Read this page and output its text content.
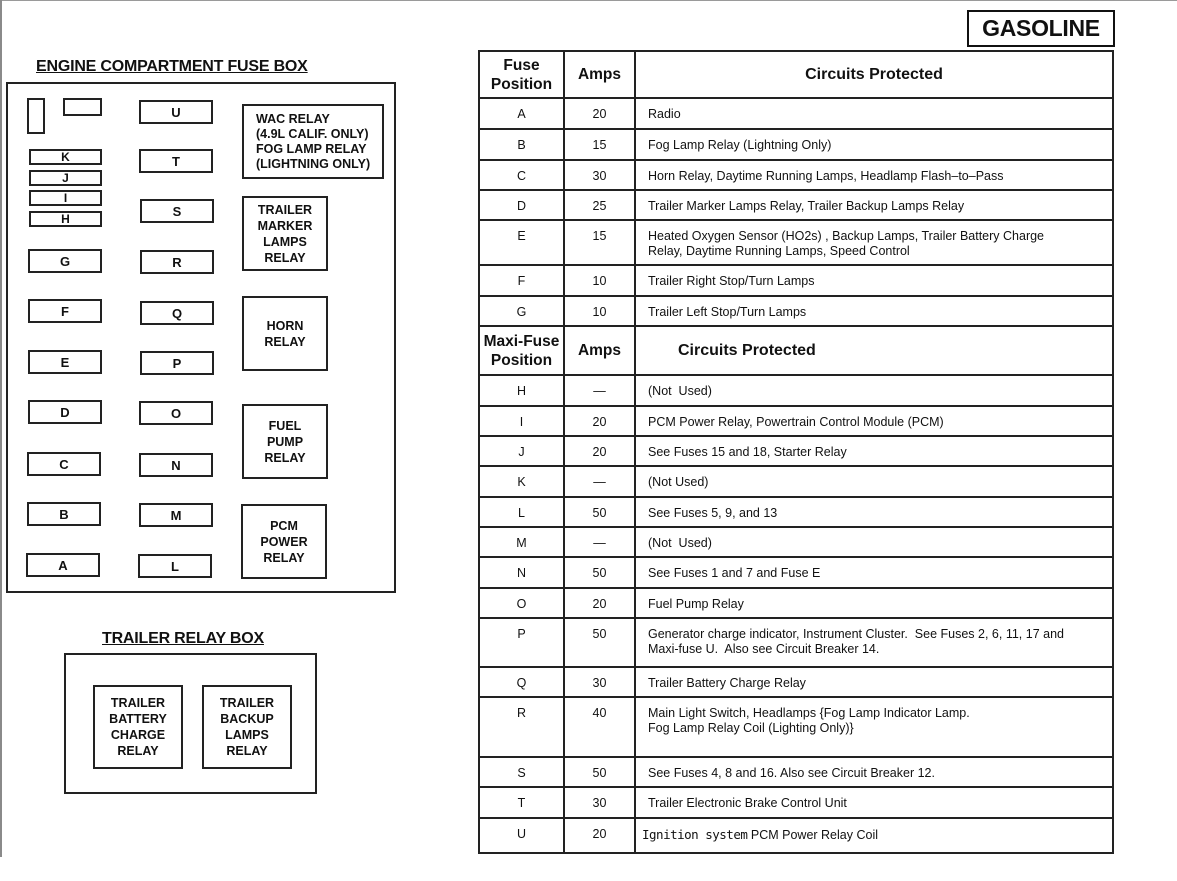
ENGINE COMPARTMENT FUSE BOX
K
J
I
H
G
F
E
D
C
B
A
U
T
S
R
Q
P
O
N
M
L
WAC RELAY
(4.9L CALIF. ONLY)
FOG LAMP RELAY
(LIGHTNING ONLY)
TRAILER
MARKER
LAMPS
RELAY
HORN
RELAY
FUEL
PUMP
RELAY
PCM
POWER
RELAY
TRAILER RELAY BOX
TRAILER
BATTERY
CHARGE
RELAY
TRAILER
BACKUP
LAMPS
RELAY
GASOLINE
Fuse
Position	Amps	Circuits Protected
A	20	Radio

B	15	Fog Lamp Relay (Lightning Only)

C	30	Horn Relay, Daytime Running Lamps, Headlamp Flash–to–Pass

D	25	Trailer Marker Lamps Relay, Trailer Backup Lamps Relay

E	15	Heated Oxygen Sensor (HO2s) , Backup Lamps, Trailer Battery Charge
Relay, Daytime Running Lamps, Speed Control

F	10	Trailer Right Stop/Turn Lamps

G	10	Trailer Left Stop/Turn Lamps

Maxi-Fuse
Position	Amps	Circuits Protected
H	—	(Not  Used)

I	20	PCM Power Relay, Powertrain Control Module (PCM)

J	20	See Fuses 15 and 18, Starter Relay

K	—	(Not Used)

L	50	See Fuses 5, 9, and 13

M	—	(Not  Used)

N	50	See Fuses 1 and 7 and Fuse E

O	20	Fuel Pump Relay

P	50	Generator charge indicator, Instrument Cluster.  See Fuses 2, 6, 11, 17 and
Maxi-fuse U.  Also see Circuit Breaker 14.

Q	30	Trailer Battery Charge Relay

R	40	Main Light Switch, Headlamps {Fog Lamp Indicator Lamp.
Fog Lamp Relay Coil (Lighting Only)}

S	50	See Fuses 4, 8 and 16. Also see Circuit Breaker 12.

T	30	Trailer Electronic Brake Control Unit

U	20	Ignition system PCM Power Relay Coil
